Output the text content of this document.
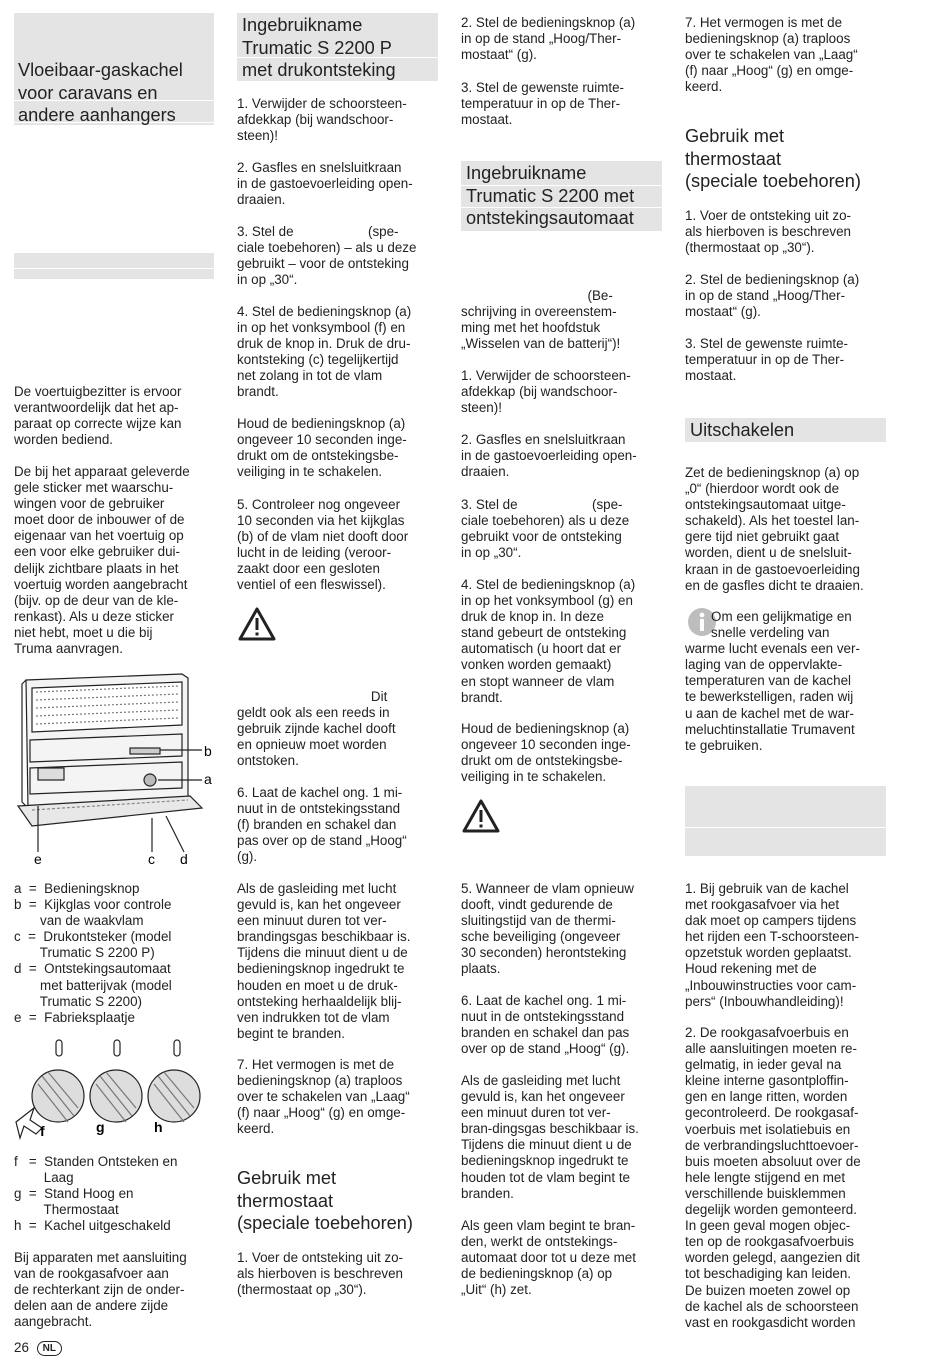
Vloeibaar-gaskachel
voor caravans en
andere aanhangers
De voertuigbezitter is ervoor
verantwoordelijk dat het ap-
paraat op correcte wijze kan
worden bediend.
De bij het apparaat geleverde
gele sticker met waarschu-
wingen voor de gebruiker
moet door de inbouwer of de
eigenaar van het voertuig op
een voor elke gebruiker dui-
delijk zichtbare plaats in het
voertuig worden aangebracht
(bijv. op de deur van de kle-
renkast). Als u deze sticker
niet hebt, moet u die bij
Truma aanvragen.
b
a
e	c d
a  =  Bedieningsknop
b  =  Kijkglas voor controle
van de waakvlam
c  =  Drukontsteker (model
Trumatic S 2200 P)
d  =  Ontstekingsautomaat
met batterijvak (model
Trumatic S 2200)
e  =  Fabrieksplaatje
f	g	h
f   =  Standen Ontsteken en
Laag
g  =  Stand Hoog en
Thermostaat
h  =  Kachel uitgeschakeld
Bij apparaten met aansluiting
van de rookgasafvoer aan
de rechterkant zijn de onder-
delen aan de andere zijde
aangebracht.
Ingebruikname
Trumatic S 2200 P
met drukontsteking
1. Verwijder de schoorsteen-
afdekkap (bij wandschoor-
steen)!
2. Gasfles en snelsluitkraan
in de gastoevoerleiding open-
draaien.
3. Stel de                    (spe-
ciale toebehoren) – als u deze
gebruikt – voor de ontsteking
in op „30“.
4. Stel de bedieningsknop (a)
in op het vonksymbool (f) en
druk de knop in. Druk de dru-
kontsteking (c) tegelijkertijd
net zolang in tot de vlam
brandt.
Houd de bedieningsknop (a)
ongeveer 10 seconden inge-
drukt om de ontstekingsbe-
veiliging in te schakelen.
5. Controleer nog ongeveer
10 seconden via het kijkglas
(b) of de vlam niet dooft door
lucht in de leiding (veroor-
zaakt door een gesloten
ventiel of een fleswissel).
Dit
geldt ook als een reeds in
gebruik zijnde kachel dooft
en opnieuw moet worden
ontstoken.
6. Laat de kachel ong. 1 mi-
nuut in de ontstekingsstand
(f) branden en schakel dan
pas over op de stand „Hoog“
(g).
Als de gasleiding met lucht
gevuld is, kan het ongeveer
een minuut duren tot ver-
brandingsgas beschikbaar is.
Tijdens die minuut dient u de
bedieningsknop ingedrukt te
houden en moet u de druk-
ontsteking herhaaldelijk blij-
ven indrukken tot de vlam
begint te branden.
7. Het vermogen is met de
bedieningsknop (a) traploos
over te schakelen van „Laag“
(f) naar „Hoog“ (g) en omge-
keerd.
Gebruik met
thermostaat
(speciale toebehoren)
1. Voer de ontsteking uit zo-
als hierboven is beschreven
(thermostaat op „30“).
2. Stel de bedieningsknop (a)
in op de stand „Hoog/Ther-
mostaat“ (g).
3. Stel de gewenste ruimte-
temperatuur in op de Ther-
mostaat.
Ingebruikname
Trumatic S 2200 met
ontstekingsautomaat
(Be-
schrijving in overeenstem-
ming met het hoofdstuk
„Wisselen van de batterij“)!
1. Verwijder de schoorsteen-
afdekkap (bij wandschoor-
steen)!
2. Gasfles en snelsluitkraan
in de gastoevoerleiding open-
draaien.
3. Stel de                    (spe-
ciale toebehoren) als u deze
gebruikt voor de ontsteking
in op „30“.
4. Stel de bedieningsknop (a)
in op het vonksymbool (g) en
druk de knop in. In deze
stand gebeurt de ontsteking
automatisch (u hoort dat er
vonken worden gemaakt)
en stopt wanneer de vlam
brandt.
Houd de bedieningsknop (a)
ongeveer 10 seconden inge-
drukt om de ontstekingsbe-
veiliging in te schakelen.
5. Wanneer de vlam opnieuw
dooft, vindt gedurende de
sluitingstijd van de thermi-
sche beveiliging (ongeveer
30 seconden) herontsteking
plaats.
6. Laat de kachel ong. 1 mi-
nuut in de ontstekingsstand
branden en schakel dan pas
over op de stand „Hoog“ (g).
Als de gasleiding met lucht
gevuld is, kan het ongeveer
een minuut duren tot ver-
bran-dingsgas beschikbaar is.
Tijdens die minuut dient u de
bedieningsknop ingedrukt te
houden tot de vlam begint te
branden.
Als geen vlam begint te bran-
den, werkt de ontstekings-
automaat door tot u deze met
de bedieningsknop (a) op
„Uit“ (h) zet.
7. Het vermogen is met de
bedieningsknop (a) traploos
over te schakelen van „Laag“
(f) naar „Hoog“ (g) en omge-
keerd.
Gebruik met
thermostaat
(speciale toebehoren)
1. Voer de ontsteking uit zo-
als hierboven is beschreven
(thermostaat op „30“).
2. Stel de bedieningsknop (a)
in op de stand „Hoog/Ther-
mostaat“ (g).
3. Stel de gewenste ruimte-
temperatuur in op de Ther-
mostaat.
Uitschakelen
Zet de bedieningsknop (a) op
„0“ (hierdoor wordt ook de
ontstekingsautomaat uitge-
schakeld). Als het toestel lan-
gere tijd niet gebruikt gaat
worden, dient u de snelsluit-
kraan in de gastoevoerleiding
en de gasfles dicht te draaien.
Om een gelijkmatige en
snelle verdeling van
warme lucht evenals een ver-
laging van de oppervlakte-
temperaturen van de kachel
te bewerkstelligen, raden wij
u aan de kachel met de war-
meluchtinstallatie Trumavent
te gebruiken.
1. Bij gebruik van de kachel
met rookgasafvoer via het
dak moet op campers tijdens
het rijden een T-schoorsteen-
opzetstuk worden geplaatst.
Houd rekening met de
„Inbouwinstructies voor cam-
pers“ (Inbouwhandleiding)!
2. De rookgasafvoerbuis en
alle aansluitingen moeten re-
gelmatig, in ieder geval na
kleine interne gasontploffin-
gen en lange ritten, worden
gecontroleerd. De rookgasaf-
voerbuis met isolatiebuis en
de verbrandingsluchttoevoer-
buis moeten absoluut over de
hele lengte stijgend en met
verschillende buisklemmen
degelijk worden gemonteerd.
In geen geval mogen objec-
ten op de rookgasafvoerbuis
worden gelegd, aangezien dit
tot beschadiging kan leiden.
De buizen moeten zowel op
de kachel als de schoorsteen
vast en rookgasdicht worden
26 NL
